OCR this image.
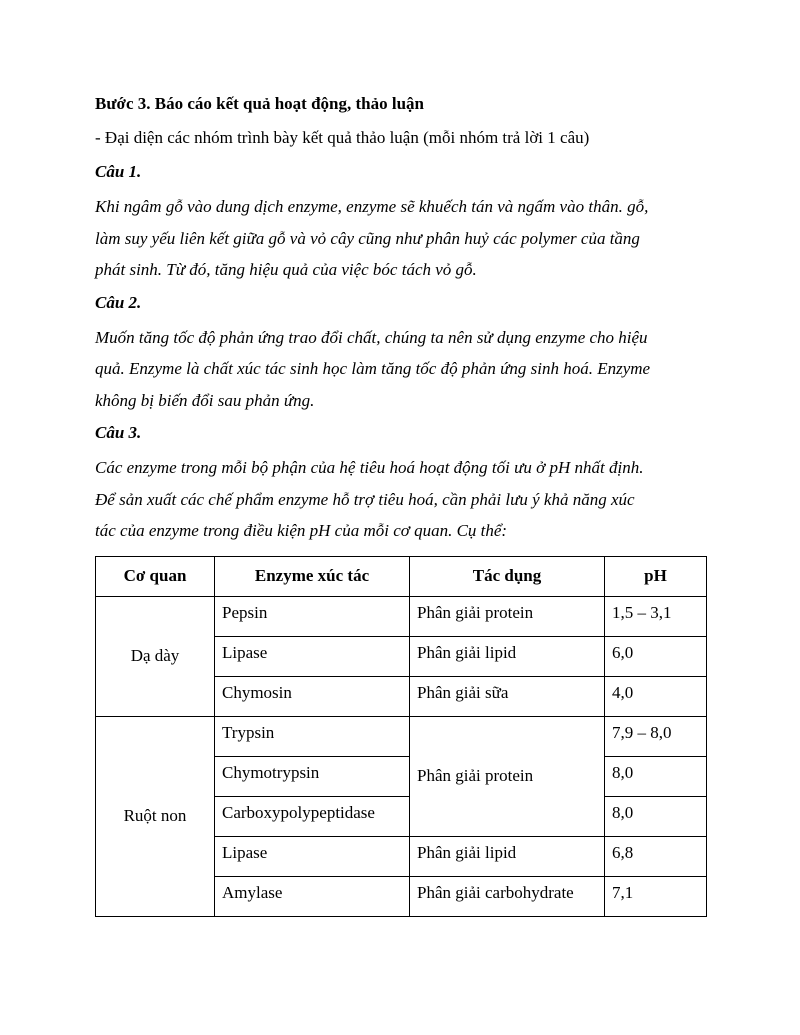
Bước 3. Báo cáo kết quả hoạt động, thảo luận

- Đại diện các nhóm trình bày kết quả thảo luận (mỗi nhóm trả lời 1 câu)

Câu 1.

Khi ngâm gỗ vào dung dịch enzyme, enzyme sẽ khuếch tán và ngấm vào thân. gỗ,
làm suy yếu liên kết giữa gỗ và vỏ cây cũng như phân huỷ các polymer của tầng
phát sinh. Từ đó, tăng hiệu quả của việc bóc tách vỏ gỗ.

Câu 2.

Muốn tăng tốc độ phản ứng trao đổi chất, chúng ta nên sử dụng enzyme cho hiệu
quả. Enzyme là chất xúc tác sinh học làm tăng tốc độ phản ứng sinh hoá. Enzyme
không bị biến đổi sau phản ứng.

Câu 3.

Các enzyme trong mỗi bộ phận của hệ tiêu hoá hoạt động tối ưu ở pH nhất định.
Để sản xuất các chế phẩm enzyme hỗ trợ tiêu hoá, cần phải lưu ý khả năng xúc
tác của enzyme trong điều kiện pH của mỗi cơ quan. Cụ thể:

Cơ quan	Enzyme xúc tác	Tác dụng	pH
Dạ dày	Pepsin	Phân giải protein	1,5 – 3,1
	Lipase	Phân giải lipid	6,0
	Chymosin	Phân giải sữa	4,0
Ruột non	Trypsin	Phân giải protein	7,9 – 8,0
	Chymotrypsin		8,0
	Carboxypolypeptidase		8,0
	Lipase	Phân giải lipid	6,8
	Amylase	Phân giải carbohydrate	7,1
